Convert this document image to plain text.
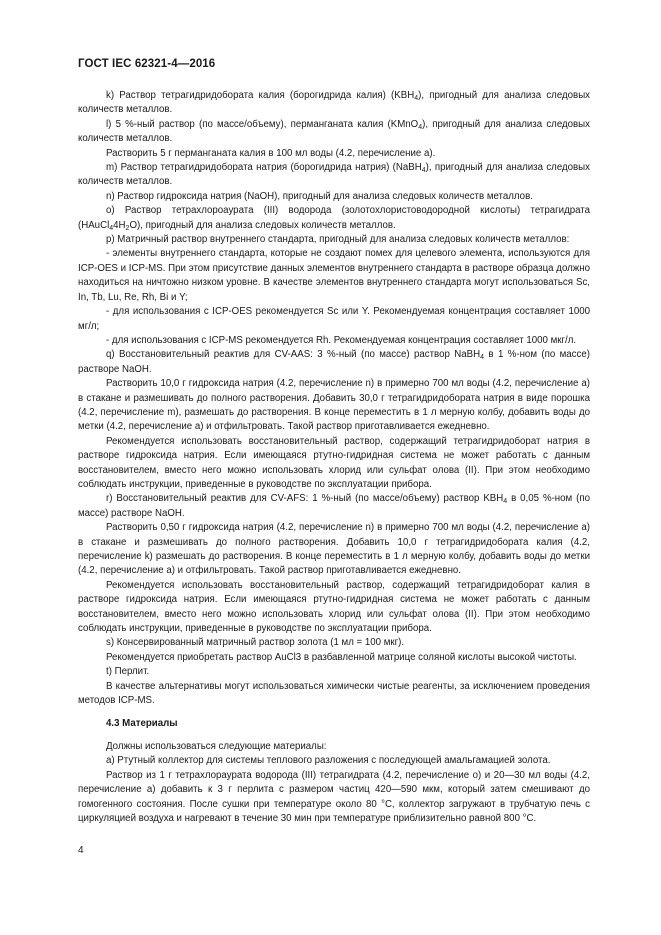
ГОСТ IEC 62321-4—2016

k) Раствор тетрагидридобората калия (борогидрида калия) $(KBH_4)$, пригодный для анализа следовых количеств металлов.

l) 5 %-ный раствор (по массе/объему), перманганата калия (KMnO$_4$), пригодный для анализа следовых количеств металлов.

Растворить 5 г перманганата калия в 100 мл воды (4.2, перечисление а).

m) Раствор тетрагидридобората натрия (борогидрида натрия) (NaBH$_4$), пригодный для анализа следовых количеств металлов.

n) Раствор гидроксида натрия (NaOH), пригодный для анализа следовых количеств металлов.

o) Раствор тетрахлороаурата (III) водорода (золотохлористоводородной кислоты) тетрагидрата $(HAuCl_44H_2O)$, пригодный для анализа следовых количеств металлов.

p) Матричный раствор внутреннего стандарта, пригодный для анализа следовых количеств металлов:

- элементы внутреннего стандарта, которые не создают помех для целевого элемента, используются для ICP-OES и ICP-MS. При этом присутствие данных элементов внутреннего стандарта в растворе образца должно находиться на ничтожно низком уровне. В качестве элементов внутреннего стандарта могут использоваться Sc, In, Tb, Lu, Re, Rh, Bi и Y;

- для использования с ICP-OES рекомендуется Sc или Y. Рекомендуемая концентрация составляет 1000 мг/л;

- для использования с ICP-MS рекомендуется Rh. Рекомендуемая концентрация составляет 1000 мкг/л.

q) Восстановительный реактив для CV-AAS: 3 %-ный (по массе) раствор NaBH$_4$ в 1 %-ном (по массе) растворе NaOH.

Растворить 10,0 г гидроксида натрия (4.2, перечисление n) в примерно 700 мл воды (4.2, перечисление а) в стакане и размешивать до полного растворения. Добавить 30,0 г тетрагидридобората натрия в виде порошка (4.2, перечисление m), размешать до растворения. В конце переместить в 1 л мерную колбу, добавить воды до метки (4.2, перечисление а) и отфильтровать. Такой раствор приготавливается ежедневно.

Рекомендуется использовать восстановительный раствор, содержащий тетрагидридоборат натрия в растворе гидроксида натрия. Если имеющаяся ртутно-гидридная система не может работать с данным восстановителем, вместо него можно использовать хлорид или сульфат олова (II). При этом необходимо соблюдать инструкции, приведенные в руководстве по эксплуатации прибора.

r) Восстановительный реактив для CV-AFS: 1 %-ный (по массе/объему) раствор $KBH_4$ в 0,05 %-ном (по массе) растворе NaOH.

Растворить 0,50 г гидроксида натрия (4.2, перечисление n) в примерно 700 мл воды (4.2, перечисление а) в стакане и размешивать до полного растворения. Добавить 10,0 г тетрагидридобората калия (4.2, перечисление k) размешать до растворения. В конце переместить в 1 л мерную колбу, добавить воды до метки (4.2, перечисление а) и отфильтровать. Такой раствор приготавливается ежедневно.

Рекомендуется использовать восстановительный раствор, содержащий тетрагидридоборат калия в растворе гидроксида натрия. Если имеющаяся ртутно-гидридная система не может работать с данным восстановителем, вместо него можно использовать хлорид или сульфат олова (II). При этом необходимо соблюдать инструкции, приведенные в руководстве по эксплуатации прибора.

s) Консервированный матричный раствор золота (1 мл = 100 мкг).

Рекомендуется приобретать раствор AuCl3 в разбавленной матрице соляной кислоты высокой чистоты.

t) Перлит.

В качестве альтернативы могут использоваться химически чистые реагенты, за исключением проведения методов ICP-MS.

4.3 Материалы

Должны использоваться следующие материалы:

а) Ртутный коллектор для системы теплового разложения с последующей амальгамацией золота.

Раствор из 1 г тетрахлораурата водорода (III) тетрагидрата (4.2, перечисление о) и 20—30 мл воды (4.2, перечисление а) добавить к 3 г перлита с размером частиц 420—590 мкм, который затем смешивают до гомогенного состояния. После сушки при температуре около 80 °С, коллектор загружают в трубчатую печь с циркуляцией воздуха и нагревают в течение 30 мин при температуре приблизительно равной 800 °С.

4
